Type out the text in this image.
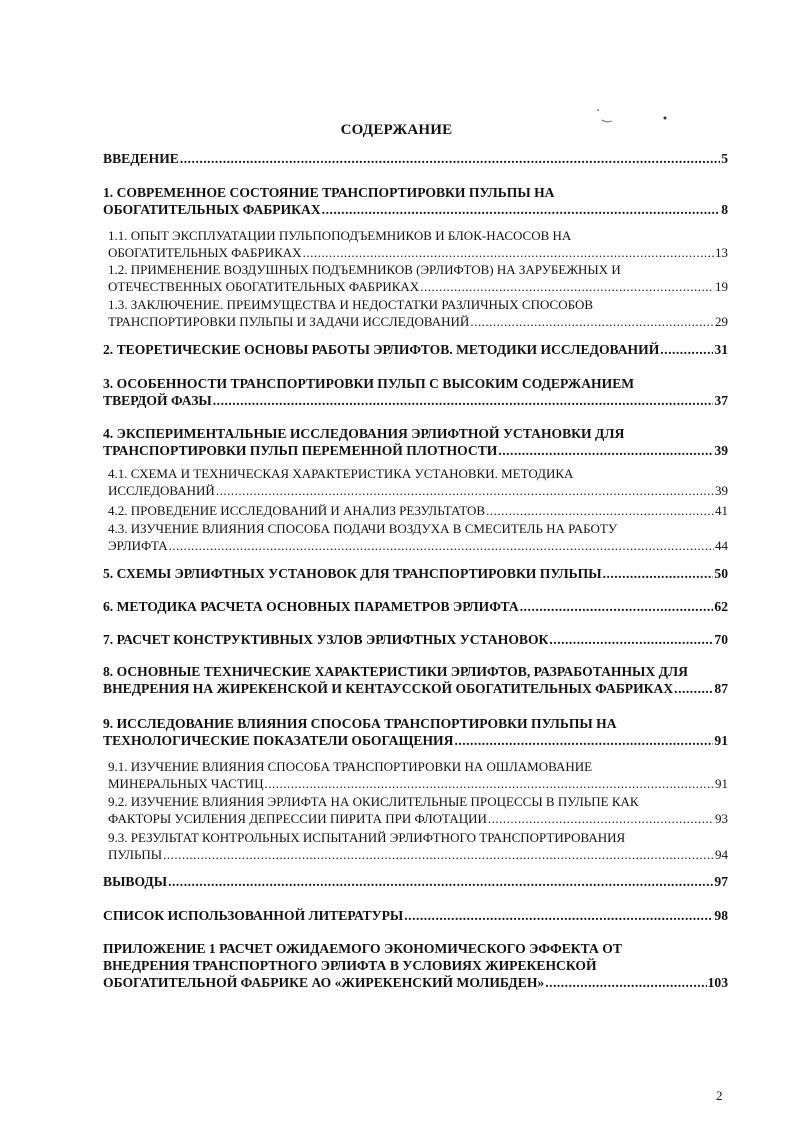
СОДЕРЖАНИЕ
ВВЕДЕНИЕ .....	5
1. СОВРЕМЕННОЕ СОСТОЯНИЕ ТРАНСПОРТИРОВКИ ПУЛЬПЫ НА
ОБОГАТИТЕЛЬНЫХ ФАБРИКАХ .....	8
1.1. ОПЫТ ЭКСПЛУАТАЦИИ ПУЛЬПОПОДЪЕМНИКОВ И БЛОК-НАСОСОВ НА
ОБОГАТИТЕЛЬНЫХ ФАБРИКАХ .....	13
1.2. ПРИМЕНЕНИЕ ВОЗДУШНЫХ ПОДЪЕМНИКОВ (ЭРЛИФТОВ) НА ЗАРУБЕЖНЫХ И
ОТЕЧЕСТВЕННЫХ ОБОГАТИТЕЛЬНЫХ ФАБРИКАХ .....	19
1.3. ЗАКЛЮЧЕНИЕ. ПРЕИМУЩЕСТВА И НЕДОСТАТКИ РАЗЛИЧНЫХ СПОСОБОВ
ТРАНСПОРТИРОВКИ ПУЛЬПЫ И ЗАДАЧИ ИССЛЕДОВАНИЙ .....	29
2. ТЕОРЕТИЧЕСКИЕ ОСНОВЫ РАБОТЫ ЭРЛИФТОВ. МЕТОДИКИ ИССЛЕДОВАНИЙ .....	31
3. ОСОБЕННОСТИ ТРАНСПОРТИРОВКИ ПУЛЬП С ВЫСОКИМ СОДЕРЖАНИЕМ
ТВЕРДОЙ ФАЗЫ .....	37
4. ЭКСПЕРИМЕНТАЛЬНЫЕ ИССЛЕДОВАНИЯ ЭРЛИФТНОЙ УСТАНОВКИ ДЛЯ
ТРАНСПОРТИРОВКИ ПУЛЬП ПЕРЕМЕННОЙ ПЛОТНОСТИ .....	39
4.1. СХЕМА И ТЕХНИЧЕСКАЯ ХАРАКТЕРИСТИКА УСТАНОВКИ. МЕТОДИКА
ИССЛЕДОВАНИЙ .....	39
4.2. ПРОВЕДЕНИЕ ИССЛЕДОВАНИЙ И АНАЛИЗ РЕЗУЛЬТАТОВ .....	41
4.3. ИЗУЧЕНИЕ ВЛИЯНИЯ СПОСОБА ПОДАЧИ ВОЗДУХА В СМЕСИТЕЛЬ НА РАБОТУ
ЭРЛИФТА .....	44
5. СХЕМЫ ЭРЛИФТНЫХ УСТАНОВОК ДЛЯ ТРАНСПОРТИРОВКИ ПУЛЬПЫ .....	50
6. МЕТОДИКА РАСЧЕТА ОСНОВНЫХ ПАРАМЕТРОВ ЭРЛИФТА .....	62
7. РАСЧЕТ КОНСТРУКТИВНЫХ УЗЛОВ ЭРЛИФТНЫХ УСТАНОВОК .....	70
8. ОСНОВНЫЕ ТЕХНИЧЕСКИЕ ХАРАКТЕРИСТИКИ ЭРЛИФТОВ, РАЗРАБОТАННЫХ ДЛЯ
ВНЕДРЕНИЯ НА ЖИРЕКЕНСКОЙ И КЕНТАУССКОЙ ОБОГАТИТЕЛЬНЫХ ФАБРИКАХ .....	87
9. ИССЛЕДОВАНИЕ ВЛИЯНИЯ СПОСОБА ТРАНСПОРТИРОВКИ ПУЛЬПЫ НА
ТЕХНОЛОГИЧЕСКИЕ ПОКАЗАТЕЛИ ОБОГАЩЕНИЯ .....	91
9.1. ИЗУЧЕНИЕ ВЛИЯНИЯ СПОСОБА ТРАНСПОРТИРОВКИ НА ОШЛАМОВАНИЕ
МИНЕРАЛЬНЫХ ЧАСТИЦ .....	91
9.2. ИЗУЧЕНИЕ ВЛИЯНИЯ ЭРЛИФТА НА ОКИСЛИТЕЛЬНЫЕ ПРОЦЕССЫ В ПУЛЬПЕ КАК
ФАКТОРЫ УСИЛЕНИЯ ДЕПРЕССИИ ПИРИТА ПРИ ФЛОТАЦИИ .....	93
9.3. РЕЗУЛЬТАТ КОНТРОЛЬНЫХ ИСПЫТАНИЙ ЭРЛИФТНОГО ТРАНСПОРТИРОВАНИЯ
ПУЛЬПЫ .....	94
ВЫВОДЫ .....	97
СПИСОК ИСПОЛЬЗОВАННОЙ ЛИТЕРАТУРЫ .....	98
ПРИЛОЖЕНИЕ 1 РАСЧЕТ ОЖИДАЕМОГО ЭКОНОМИЧЕСКОГО ЭФФЕКТА ОТ
ВНЕДРЕНИЯ ТРАНСПОРТНОГО ЭРЛИФТА В УСЛОВИЯХ ЖИРЕКЕНСКОЙ
ОБОГАТИТЕЛЬНОЙ ФАБРИКЕ АО «ЖИРЕКЕНСКИЙ МОЛИБДЕН» .....	103
2
